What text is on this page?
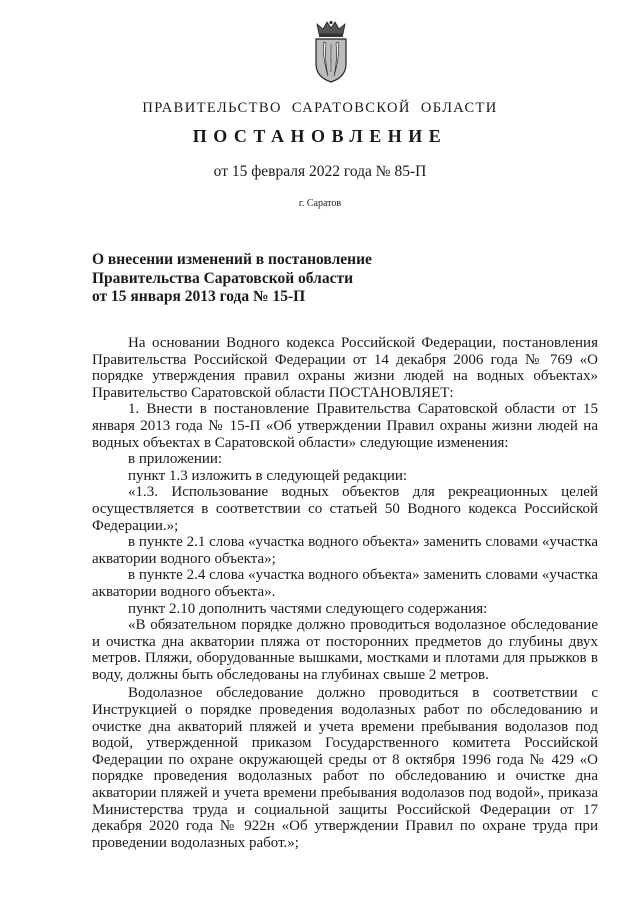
ПРАВИТЕЛЬСТВО САРАТОВСКОЙ ОБЛАСТИ
ПОСТАНОВЛЕНИЕ
от 15 февраля 2022 года № 85-П
г. Саратов
О внесении изменений в постановление
Правительства Саратовской области
от 15 января 2013 года № 15-П

На основании Водного кодекса Российской Федерации, постановления Правительства Российской Федерации от 14 декабря 2006 года № 769 «О порядке утверждения правил охраны жизни людей на водных объектах» Правительство Саратовской области ПОСТАНОВЛЯЕТ:

1. Внести в постановление Правительства Саратовской области от 15 января 2013 года № 15-П «Об утверждении Правил охраны жизни людей на водных объектах в Саратовской области» следующие изменения:

в приложении:

пункт 1.3 изложить в следующей редакции:

«1.3. Использование водных объектов для рекреационных целей осуществляется в соответствии со статьей 50 Водного кодекса Российской Федерации.»;

в пункте 2.1 слова «участка водного объекта» заменить словами «участка акватории водного объекта»;

в пункте 2.4 слова «участка водного объекта» заменить словами «участка акватории водного объекта».

пункт 2.10 дополнить частями следующего содержания:

«В обязательном порядке должно проводиться водолазное обследование и очистка дна акватории пляжа от посторонних предметов до глубины двух метров. Пляжи, оборудованные вышками, мостками и плотами для прыжков в воду, должны быть обследованы на глубинах свыше 2 метров.

Водолазное обследование должно проводиться в соответствии с Инструкцией о порядке проведения водолазных работ по обследованию и очистке дна акваторий пляжей и учета времени пребывания водолазов под водой, утвержденной приказом Государственного комитета Российской Федерации по охране окружающей среды от 8 октября 1996 года № 429 «О порядке проведения водолазных работ по обследованию и очистке дна акватории пляжей и учета времени пребывания водолазов под водой», приказа Министерства труда и социальной защиты Российской Федерации от 17 декабря 2020 года № 922н «Об утверждении Правил по охране труда при проведении водолазных работ.»;
